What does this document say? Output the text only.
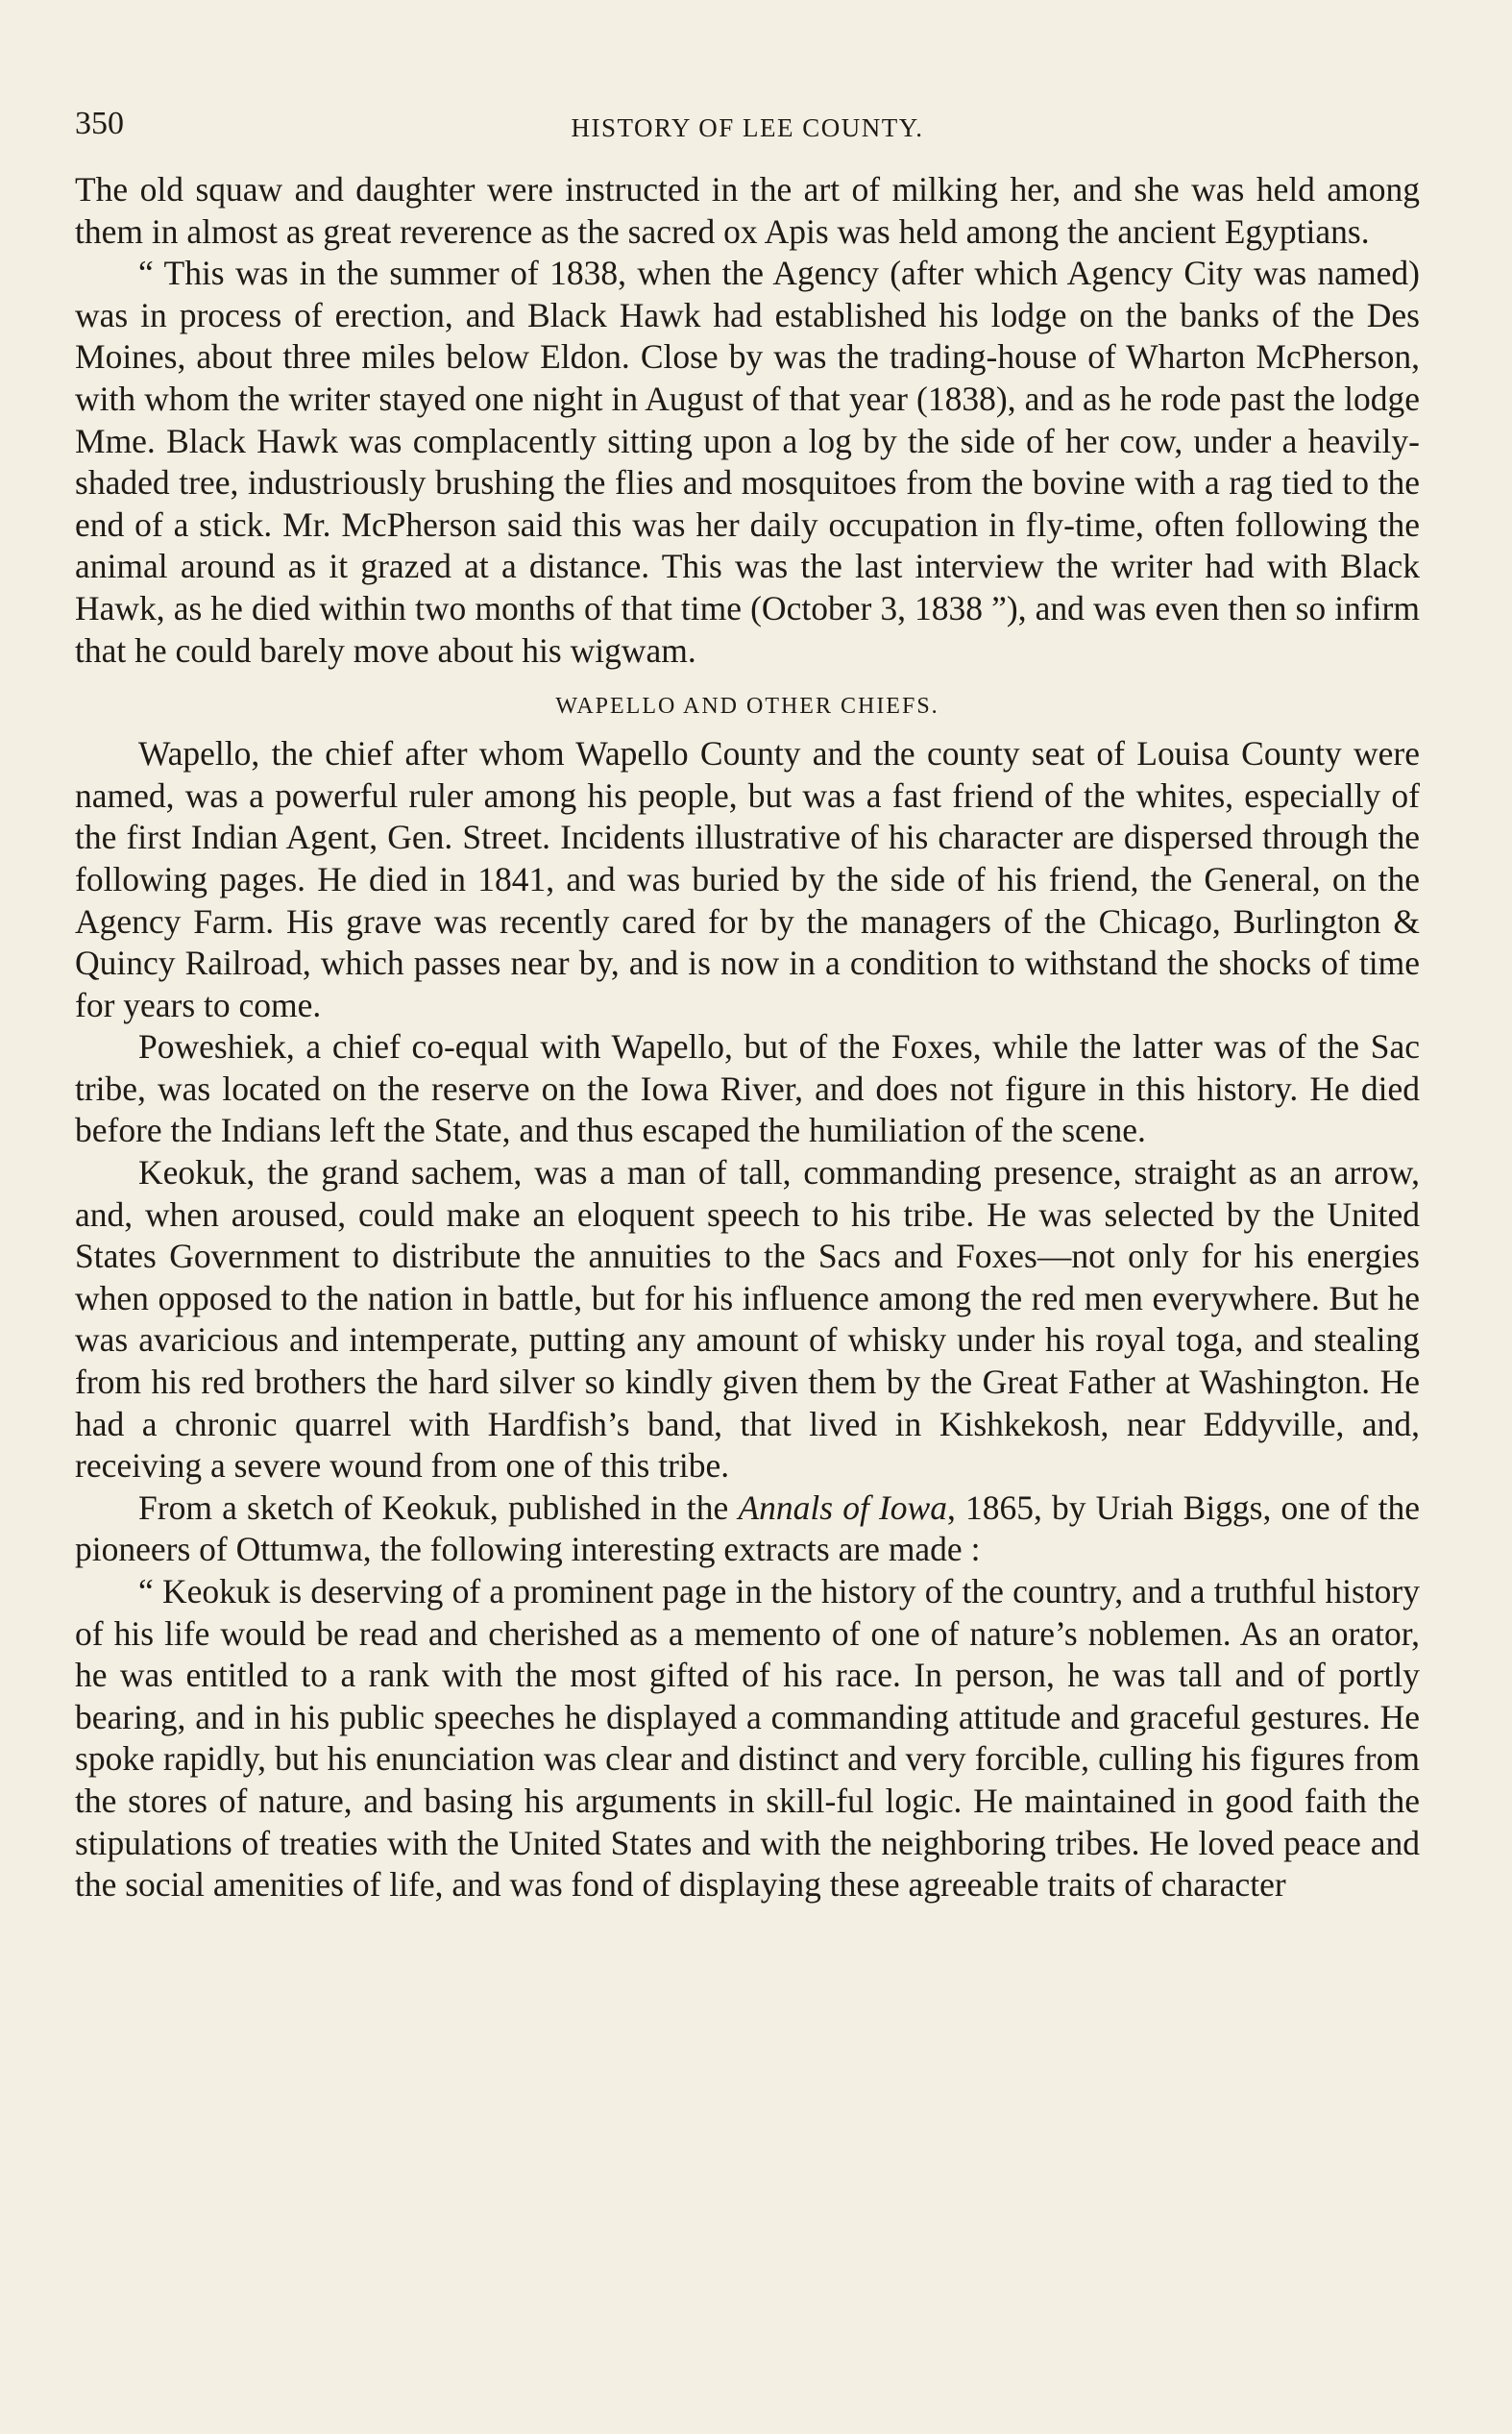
350	HISTORY OF LEE COUNTY.

The old squaw and daughter were instructed in the art of milking her, and she was held among them in almost as great reverence as the sacred ox Apis was held among the ancient Egyptians.

“ This was in the summer of 1838, when the Agency (after which Agency City was named) was in process of erection, and Black Hawk had established his lodge on the banks of the Des Moines, about three miles below Eldon. Close by was the trading-house of Wharton McPherson, with whom the writer stayed one night in August of that year (1838), and as he rode past the lodge Mme. Black Hawk was complacently sitting upon a log by the side of her cow, under a heavily-shaded tree, industriously brushing the flies and mosquitoes from the bovine with a rag tied to the end of a stick. Mr. McPherson said this was her daily occupation in fly-time, often following the animal around as it grazed at a distance. This was the last interview the writer had with Black Hawk, as he died within two months of that time (October 3, 1838 ”), and was even then so infirm that he could barely move about his wigwam.

WAPELLO AND OTHER CHIEFS.

Wapello, the chief after whom Wapello County and the county seat of Louisa County were named, was a powerful ruler among his people, but was a fast friend of the whites, especially of the first Indian Agent, Gen. Street. Incidents illustrative of his character are dispersed through the following pages. He died in 1841, and was buried by the side of his friend, the General, on the Agency Farm. His grave was recently cared for by the managers of the Chicago, Burlington & Quincy Railroad, which passes near by, and is now in a condition to withstand the shocks of time for years to come.

Poweshiek, a chief co-equal with Wapello, but of the Foxes, while the latter was of the Sac tribe, was located on the reserve on the Iowa River, and does not figure in this history. He died before the Indians left the State, and thus escaped the humiliation of the scene.

Keokuk, the grand sachem, was a man of tall, commanding presence, straight as an arrow, and, when aroused, could make an eloquent speech to his tribe. He was selected by the United States Government to distribute the annuities to the Sacs and Foxes—not only for his energies when opposed to the nation in battle, but for his influence among the red men everywhere. But he was avaricious and intemperate, putting any amount of whisky under his royal toga, and stealing from his red brothers the hard silver so kindly given them by the Great Father at Washington. He had a chronic quarrel with Hardfish’s band, that lived in Kishkekosh, near Eddyville, and, receiving a severe wound from one of this tribe.

From a sketch of Keokuk, published in the Annals of Iowa, 1865, by Uriah Biggs, one of the pioneers of Ottumwa, the following interesting extracts are made :

“ Keokuk is deserving of a prominent page in the history of the country, and a truthful history of his life would be read and cherished as a memento of one of nature’s noblemen. As an orator, he was entitled to a rank with the most gifted of his race. In person, he was tall and of portly bearing, and in his public speeches he displayed a commanding attitude and graceful gestures. He spoke rapidly, but his enunciation was clear and distinct and very forcible, culling his figures from the stores of nature, and basing his arguments in skill-ful logic. He maintained in good faith the stipulations of treaties with the United States and with the neighboring tribes. He loved peace and the social amenities of life, and was fond of displaying these agreeable traits of character
